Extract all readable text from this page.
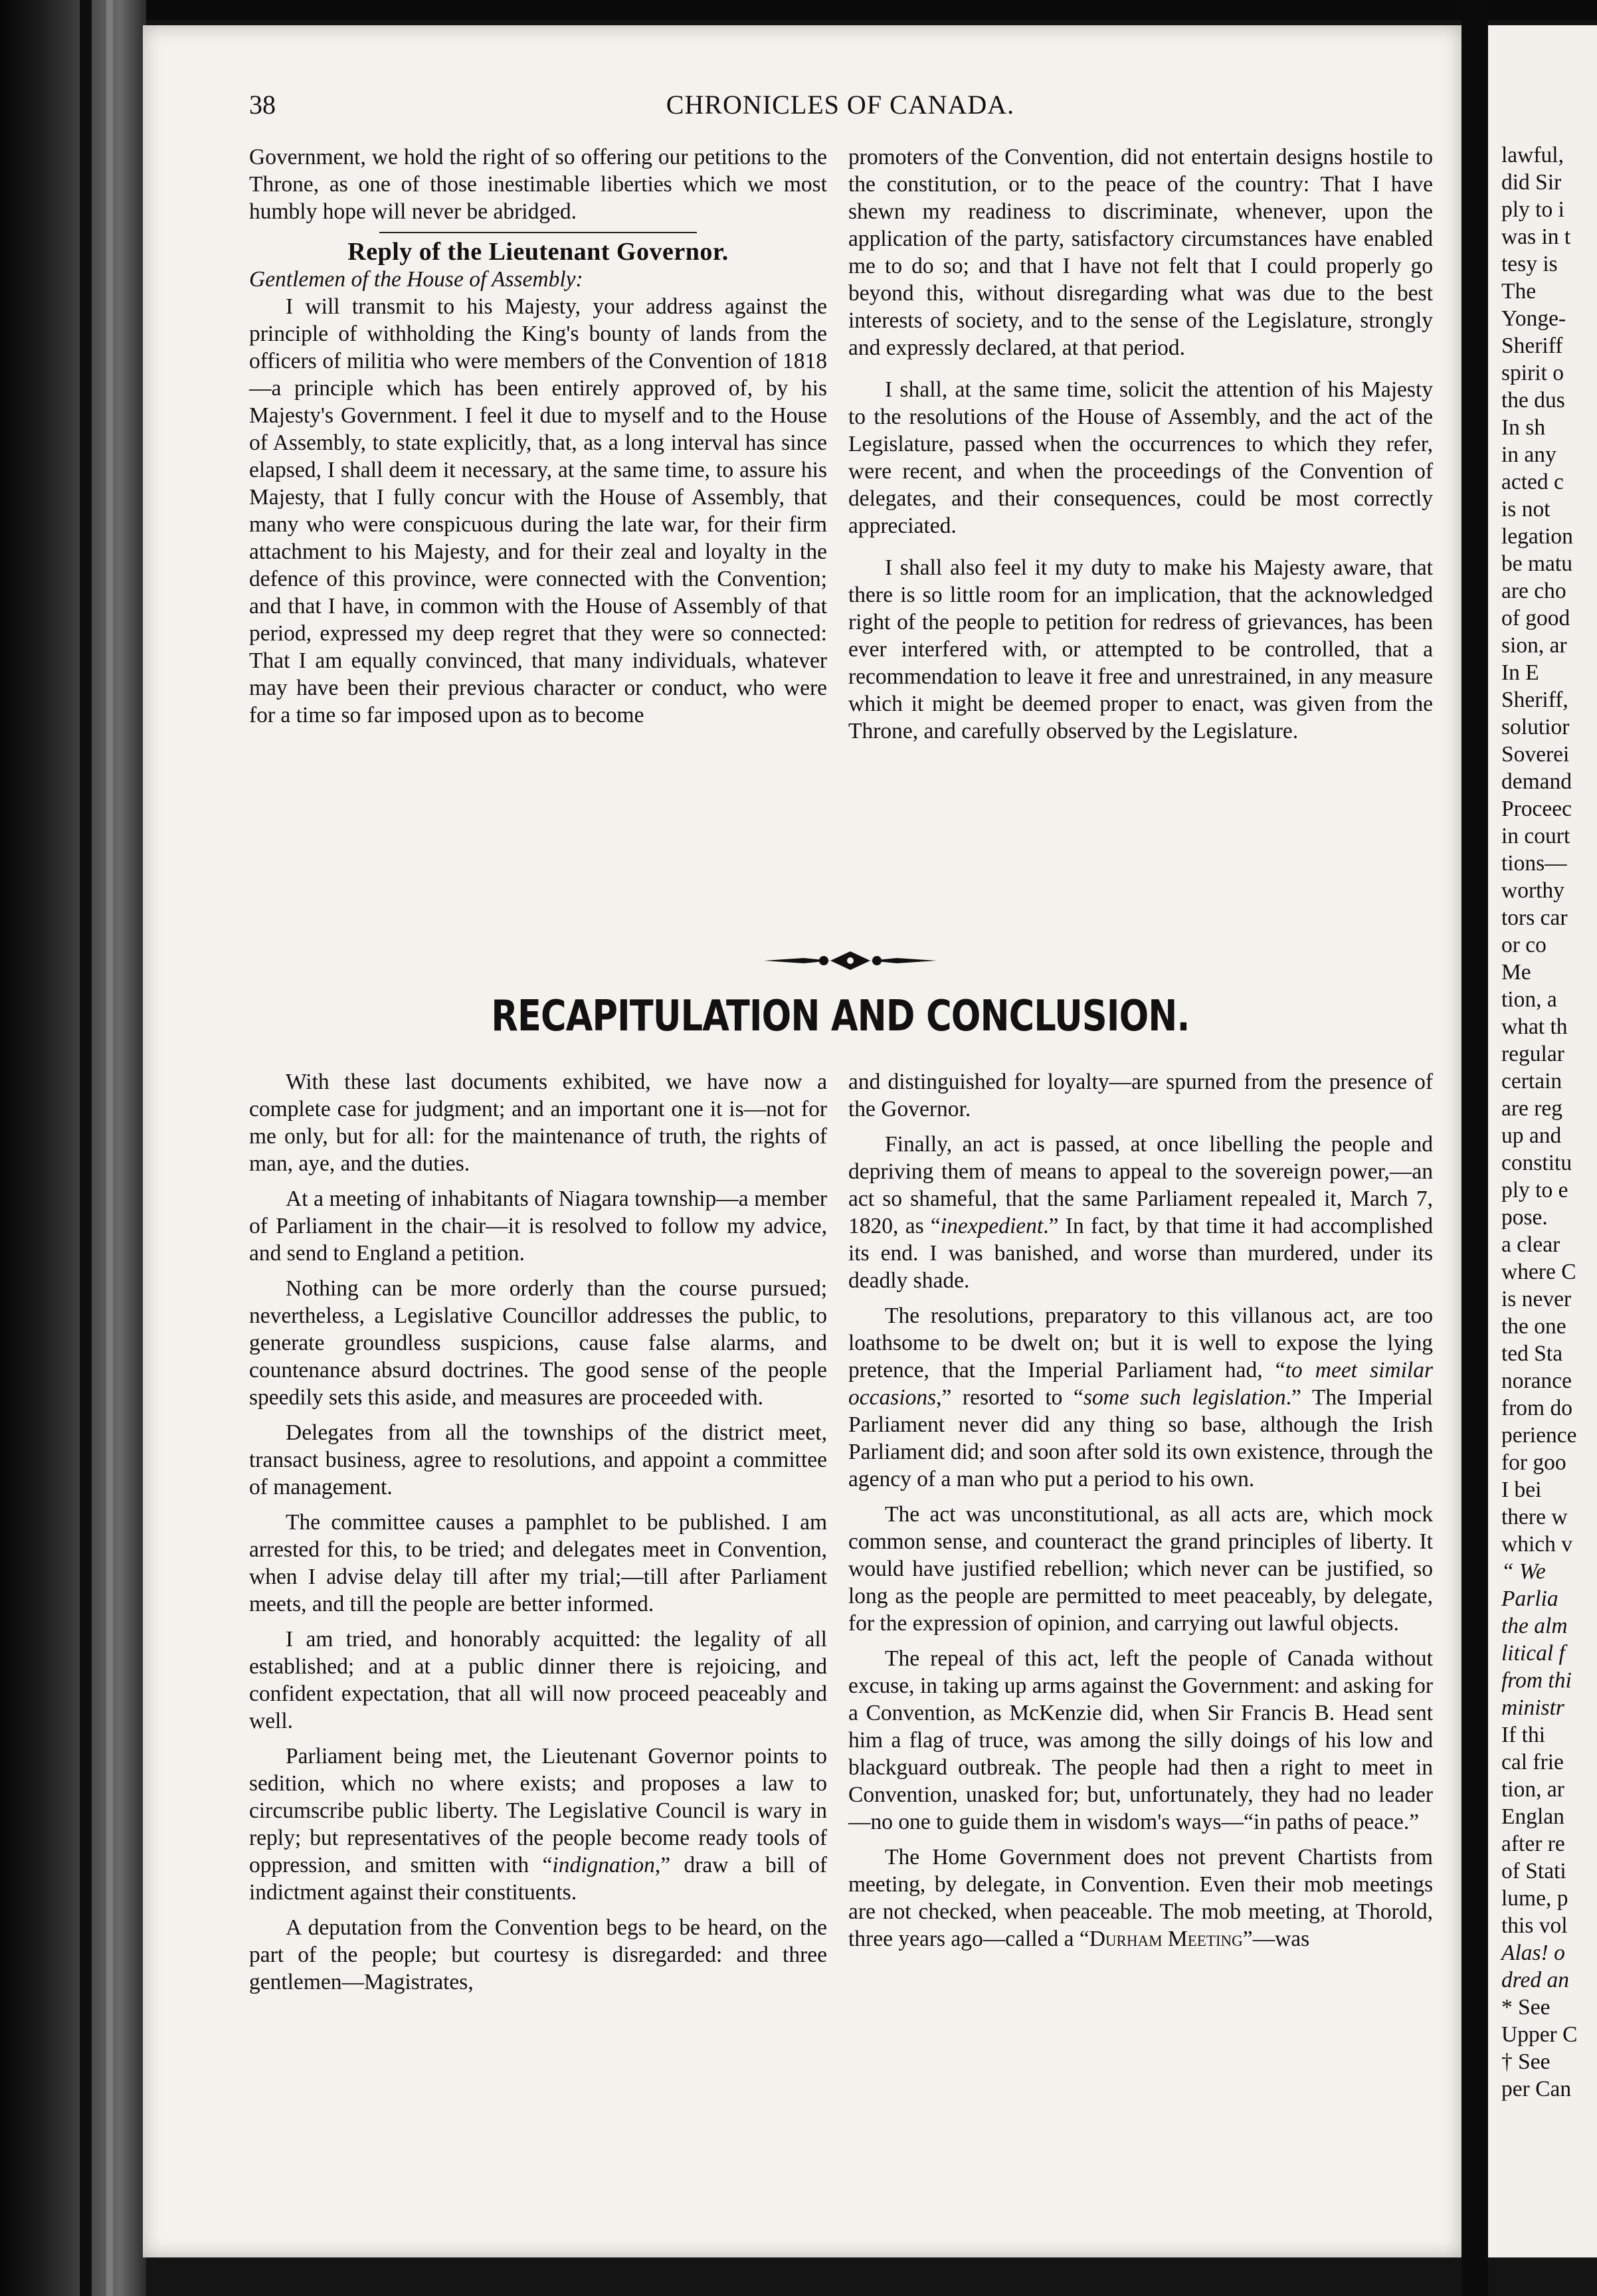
38	CHRONICLES OF CANADA.

Government, we hold the right of so offering our petitions to the Throne, as one of those inestimable liberties which we most humbly hope will never be abridged.

Reply of the Lieutenant Governor.

Gentlemen of the House of Assembly:

I will transmit to his Majesty, your address against the principle of withholding the King's bounty of lands from the officers of militia who were members of the Convention of 1818—a principle which has been entirely approved of, by his Majesty's Government. I feel it due to myself and to the House of Assembly, to state explicitly, that, as a long interval has since elapsed, I shall deem it necessary, at the same time, to assure his Majesty, that I fully concur with the House of Assembly, that many who were conspicuous during the late war, for their firm attachment to his Majesty, and for their zeal and loyalty in the defence of this province, were connected with the Convention; and that I have, in common with the House of Assembly of that period, expressed my deep regret that they were so connected: That I am equally convinced, that many individuals, whatever may have been their previous character or conduct, who were for a time so far imposed upon as to become

promoters of the Convention, did not entertain designs hostile to the constitution, or to the peace of the country: That I have shewn my readiness to discriminate, whenever, upon the application of the party, satisfactory circumstances have enabled me to do so; and that I have not felt that I could properly go beyond this, without disregarding what was due to the best interests of society, and to the sense of the Legislature, strongly and expressly declared, at that period.

I shall, at the same time, solicit the attention of his Majesty to the resolutions of the House of Assembly, and the act of the Legislature, passed when the occurrences to which they refer, were recent, and when the proceedings of the Convention of delegates, and their consequences, could be most correctly appreciated.

I shall also feel it my duty to make his Majesty aware, that there is so little room for an implication, that the acknowledged right of the people to petition for redress of grievances, has been ever interfered with, or attempted to be controlled, that a recommendation to leave it free and unrestrained, in any measure which it might be deemed proper to enact, was given from the Throne, and carefully observed by the Legislature.

RECAPITULATION AND CONCLUSION.

With these last documents exhibited, we have now a complete case for judgment; and an important one it is—not for me only, but for all: for the maintenance of truth, the rights of man, aye, and the duties.

At a meeting of inhabitants of Niagara township—a member of Parliament in the chair—it is resolved to follow my advice, and send to England a petition.

Nothing can be more orderly than the course pursued; nevertheless, a Legislative Councillor addresses the public, to generate groundless suspicions, cause false alarms, and countenance absurd doctrines. The good sense of the people speedily sets this aside, and measures are proceeded with.

Delegates from all the townships of the district meet, transact business, agree to resolutions, and appoint a committee of management.

The committee causes a pamphlet to be published. I am arrested for this, to be tried; and delegates meet in Convention, when I advise delay till after my trial;—till after Parliament meets, and till the people are better informed.

I am tried, and honorably acquitted: the legality of all established; and at a public dinner there is rejoicing, and confident expectation, that all will now proceed peaceably and well.

Parliament being met, the Lieutenant Governor points to sedition, which no where exists; and proposes a law to circumscribe public liberty. The Legislative Council is wary in reply; but representatives of the people become ready tools of oppression, and smitten with “indignation,” draw a bill of indictment against their constituents.

A deputation from the Convention begs to be heard, on the part of the people; but courtesy is disregarded: and three gentlemen—Magistrates,

and distinguished for loyalty—are spurned from the presence of the Governor.

Finally, an act is passed, at once libelling the people and depriving them of means to appeal to the sovereign power,—an act so shameful, that the same Parliament repealed it, March 7, 1820, as “inexpedient.” In fact, by that time it had accomplished its end. I was banished, and worse than murdered, under its deadly shade.

The resolutions, preparatory to this villanous act, are too loathsome to be dwelt on; but it is well to expose the lying pretence, that the Imperial Parliament had, “to meet similar occasions,” resorted to “some such legislation.” The Imperial Parliament never did any thing so base, although the Irish Parliament did; and soon after sold its own existence, through the agency of a man who put a period to his own.

The act was unconstitutional, as all acts are, which mock common sense, and counteract the grand principles of liberty. It would have justified rebellion; which never can be justified, so long as the people are permitted to meet peaceably, by delegate, for the expression of opinion, and carrying out lawful objects.

The repeal of this act, left the people of Canada without excuse, in taking up arms against the Government: and asking for a Convention, as McKenzie did, when Sir Francis B. Head sent him a flag of truce, was among the silly doings of his low and blackguard outbreak. The people had then a right to meet in Convention, unasked for; but, unfortunately, they had no leader—no one to guide them in wisdom's ways—“in paths of peace.”

The Home Government does not prevent Chartists from meeting, by delegate, in Convention. Even their mob meetings are not checked, when peaceable. The mob meeting, at Thorold, three years ago—called a “Durham Meeting”—was

lawful,
did Sir
ply to i
was in t
tesy is
The
Yonge-
Sheriff
spirit o
the dus
In sh
in any
acted c
is not
legation
be matu
are cho
of good
sion, ar
In E
Sheriff,
solutior
Soverei
demand
Proceec
in court
tions—
worthy
tors car
or co
Me
tion, a
what th
regular
certain
are reg
up and
constitu
ply to e
pose.
a clear
where C
is never
the one
ted Sta
norance
from do
perience
for goo
I bei
there w
which v
“ We
Parlia
the alm
litical f
from thi
ministr
If thi
cal frie
tion, ar
Englan
after re
of Stati
lume, p
this vol
Alas! o
dred an
* See
Upper C
† See
per Can
